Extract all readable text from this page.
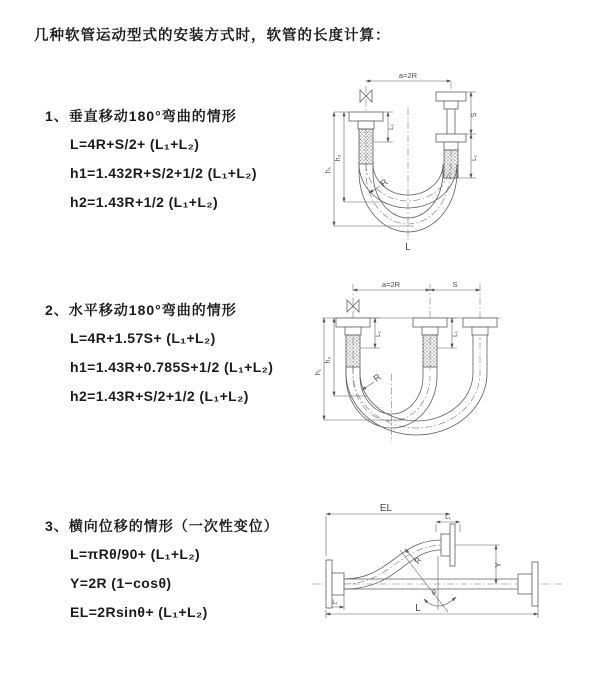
几种软管运动型式的安装方式时，软管的长度计算：

1、垂直移动180°弯曲的情形

L=4R+S/2+ (L₁+L₂)

h1=1.432R+S/2+1/2 (L₁+L₂)

h2=1.43R+1/2 (L₁+L₂)

2、水平移动180°弯曲的情形

L=4R+1.57S+ (L₁+L₂)

h1=1.43R+0.785S+1/2 (L₁+L₂)

h2=1.43R+S/2+1/2 (L₁+L₂)

3、横向位移的情形（一次性变位）

L=πRθ/90+ (L₁+L₂)

Y=2R (1−cosθ)

EL=2Rsinθ+ (L₁+L₂)

a=2R
S
L₁
L₁
h₁
h₂
R
L
a=2R	S
L₁	L₁
h₁
h₂
R
EL
L₁
Y
θ
R
L
L₁
